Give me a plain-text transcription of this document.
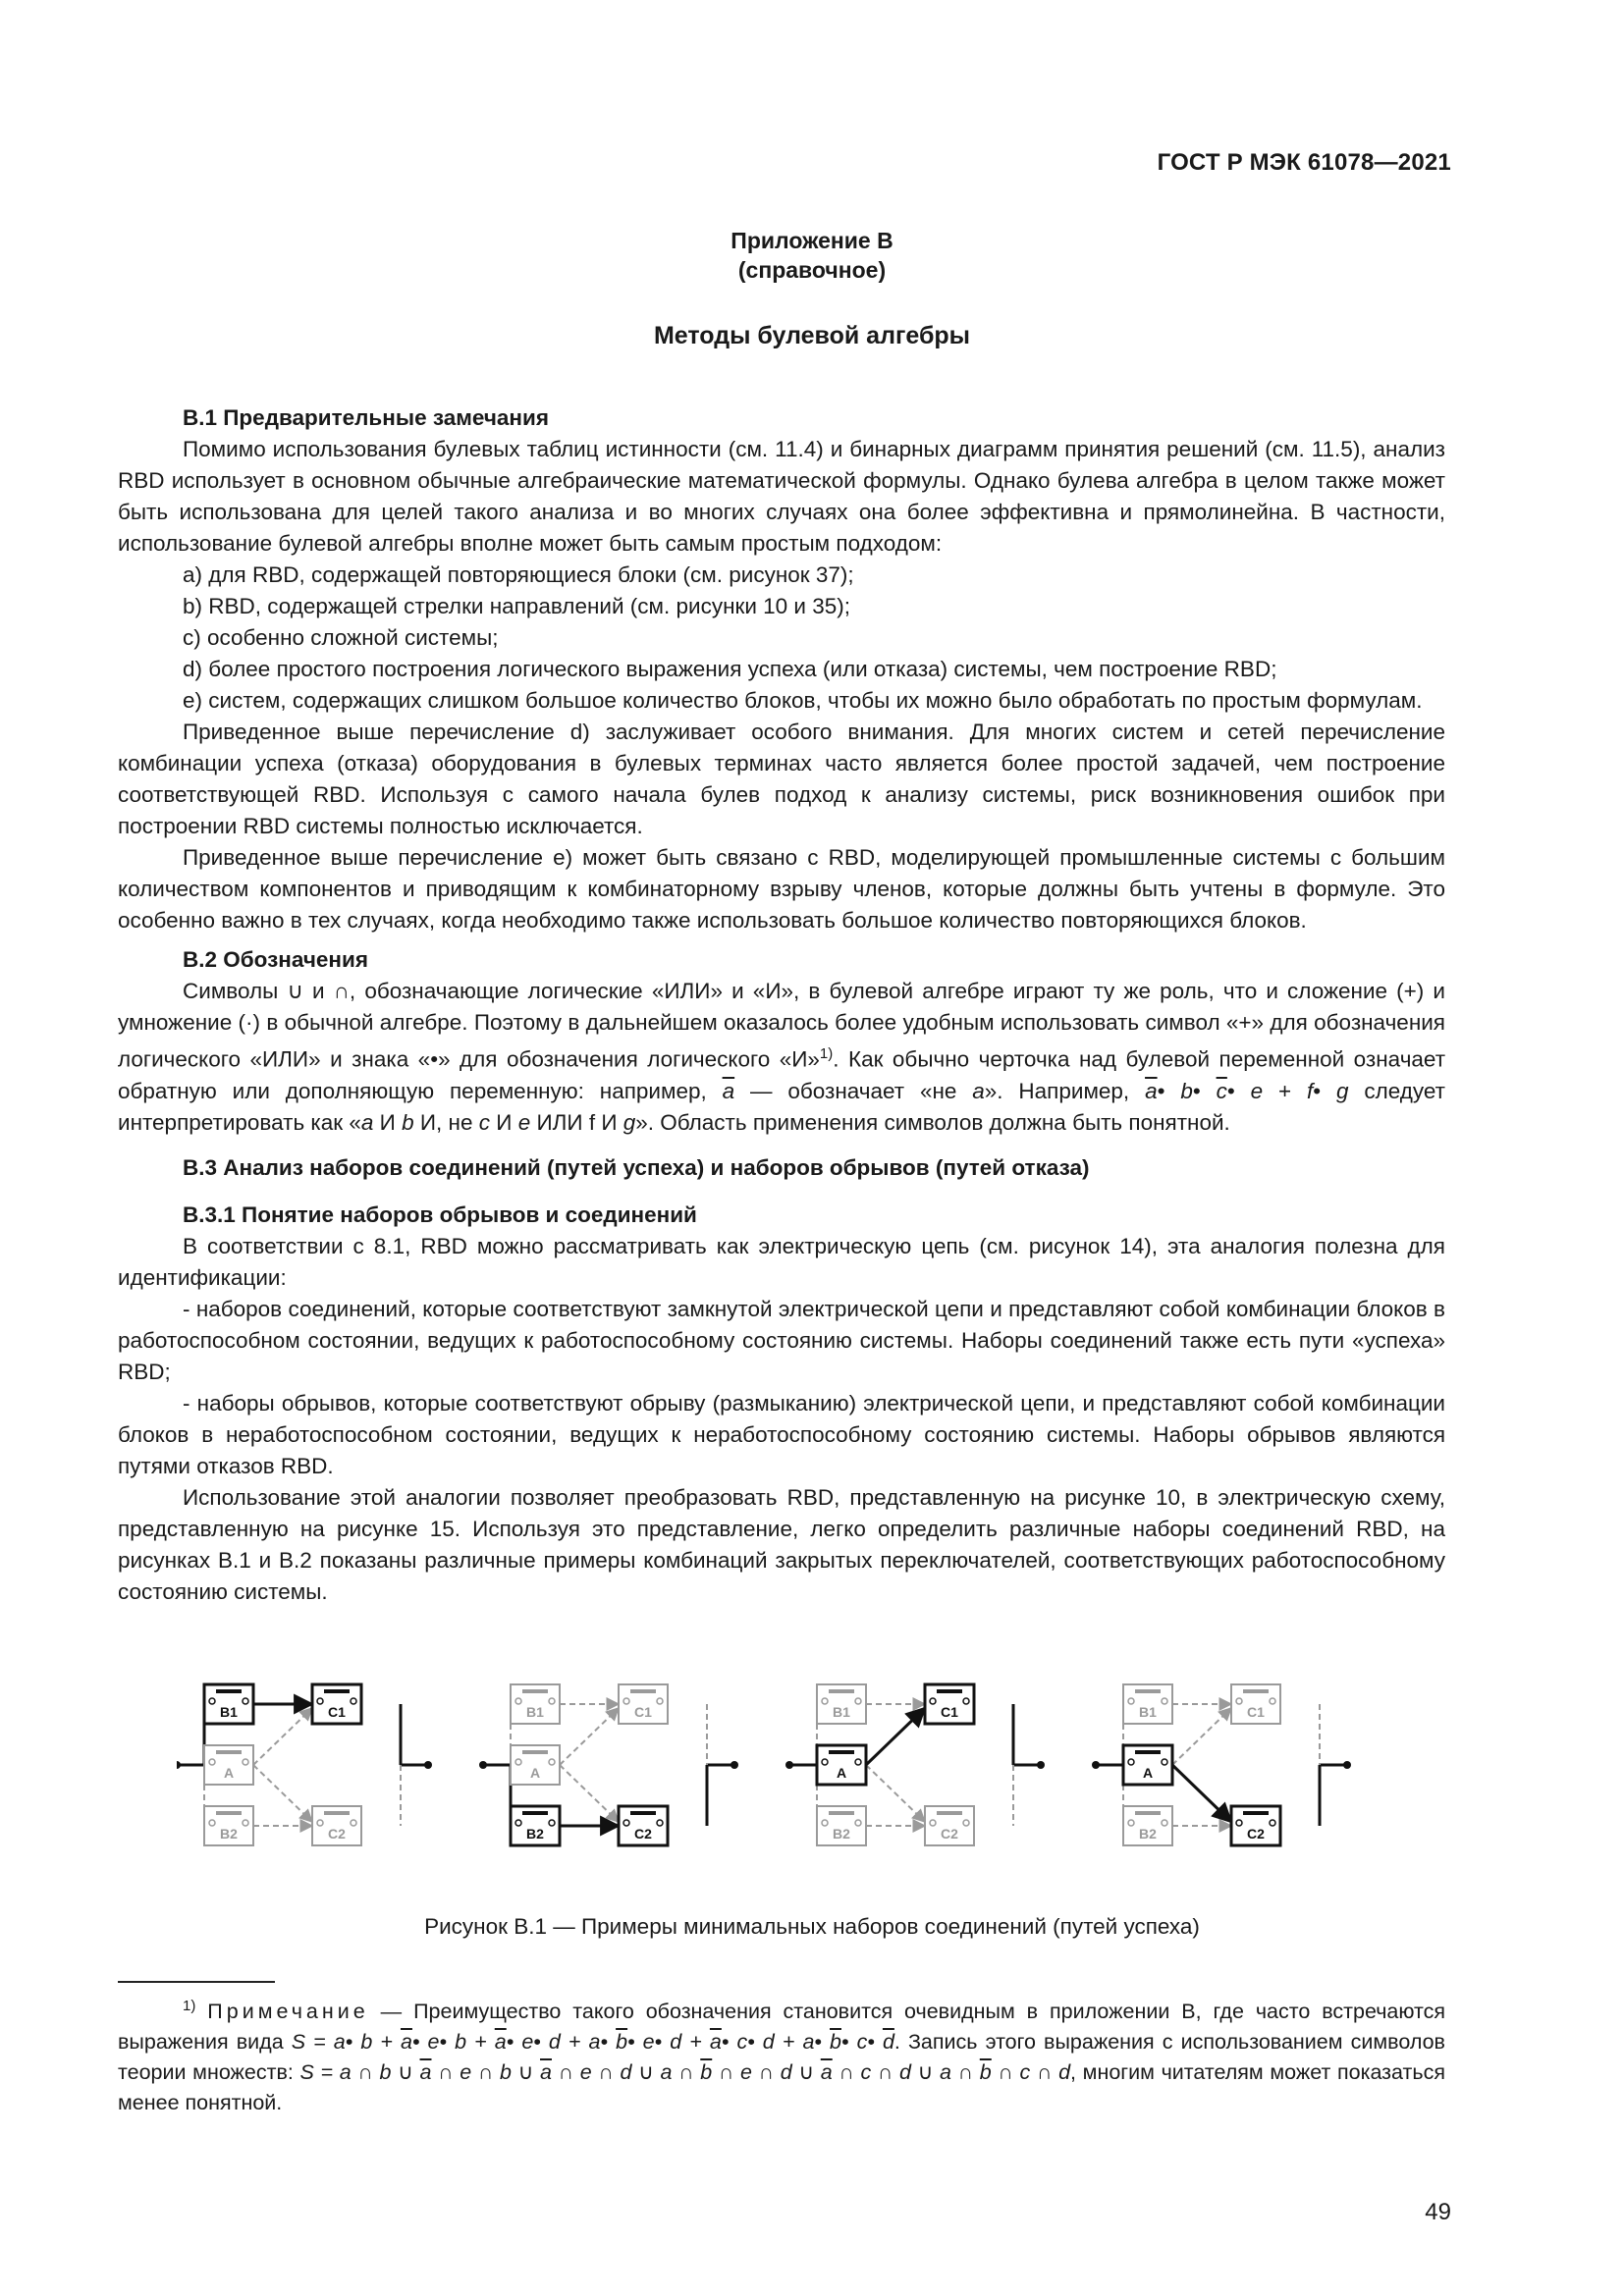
ГОСТ Р МЭК 61078—2021
Приложение В
(справочное)
Методы булевой алгебры

В.1 Предварительные замечания

Помимо использования булевых таблиц истинности (см. 11.4) и бинарных диаграмм принятия решений (см. 11.5), анализ RBD использует в основном обычные алгебраические математической формулы. Однако булева алгебра в целом также может быть использована для целей такого анализа и во многих случаях она более эффективна и прямолинейна. В частности, использование булевой алгебры вполне может быть самым простым подходом:

a) для RBD, содержащей повторяющиеся блоки (см. рисунок 37);

b) RBD, содержащей стрелки направлений (см. рисунки 10 и 35);

c) особенно сложной системы;

d) более простого построения логического выражения успеха (или отказа) системы, чем построение RBD;

e) систем, содержащих слишком большое количество блоков, чтобы их можно было обработать по простым формулам.

Приведенное выше перечисление d) заслуживает особого внимания. Для многих систем и сетей перечисление комбинации успеха (отказа) оборудования в булевых терминах часто является более простой задачей, чем построение соответствующей RBD. Используя с самого начала булев подход к анализу системы, риск возникновения ошибок при построении RBD системы полностью исключается.

Приведенное выше перечисление e) может быть связано с RBD, моделирующей промышленные системы с большим количеством компонентов и приводящим к комбинаторному взрыву членов, которые должны быть учтены в формуле. Это особенно важно в тех случаях, когда необходимо также использовать большое количество повторяющихся блоков.

В.2 Обозначения

Символы ∪ и ∩, обозначающие логические «ИЛИ» и «И», в булевой алгебре играют ту же роль, что и сложение (+) и умножение (·) в обычной алгебре. Поэтому в дальнейшем оказалось более удобным использовать символ «+» для обозначения логического «ИЛИ» и знака «•» для обозначения логического «И»$^{1)}$. Как обычно черточка над булевой переменной означает обратную или дополняющую переменную: например, $\overline{a}$ — обозначает «не a». Например, $\overline{a}•$ b• $\overline{c}•$ e + f• g следует интерпретировать как «a И b И, не c И e ИЛИ f И g». Область применения символов должна быть понятной.

В.3 Анализ наборов соединений (путей успеха) и наборов обрывов (путей отказа)

В.3.1 Понятие наборов обрывов и соединений

В соответствии с 8.1, RBD можно рассматривать как электрическую цепь (см. рисунок 14), эта аналогия полезна для идентификации:

- наборов соединений, которые соответствуют замкнутой электрической цепи и представляют собой комбинации блоков в работоспособном состоянии, ведущих к работоспособному состоянию системы. Наборы соединений также есть пути «успеха» RBD;

- наборы обрывов, которые соответствуют обрыву (размыканию) электрической цепи, и представляют собой комбинации блоков в неработоспособном состоянии, ведущих к неработоспособному состоянию системы. Наборы обрывов являются путями отказов RBD.

Использование этой аналогии позволяет преобразовать RBD, представленную на рисунке 10, в электрическую схему, представленную на рисунке 15. Используя это представление, легко определить различные наборы соединений RBD, на рисунках В.1 и В.2 показаны различные примеры комбинаций закрытых переключателей, соответствующих работоспособному состоянию системы.

B1	C1
A
B2	C2
B1	C1
A
B2	C2
B1	C1
A
B2	C2
B1	C1
A
B2	C2
Рисунок В.1 — Примеры минимальных наборов соединений (путей успеха)
$^{1)}$ Примечание — Преимущество такого обозначения становится очевидным в приложении В, где часто встречаются выражения вида S = a• $b + \overline{a}•$ e• $b + \overline{a}•$ e• d + a• $\overline{b}•$ e• $d + \overline{a}•$ c• d + a• $\overline{b}•$ c• $\overline{d}$. Запись этого выражения с использованием символов теории множеств: S = a ∩ b ∪ $\overline{a}$ ∩ e ∩ b ∪ $\overline{a}$ ∩ e ∩ d ∪ a ∩ $\overline{b}$ ∩ e ∩ d ∪ $\overline{a}$ ∩ c ∩ d ∪ a ∩ $\overline{b}$ ∩ c ∩ d, многим читателям может показаться менее понятной.
49
